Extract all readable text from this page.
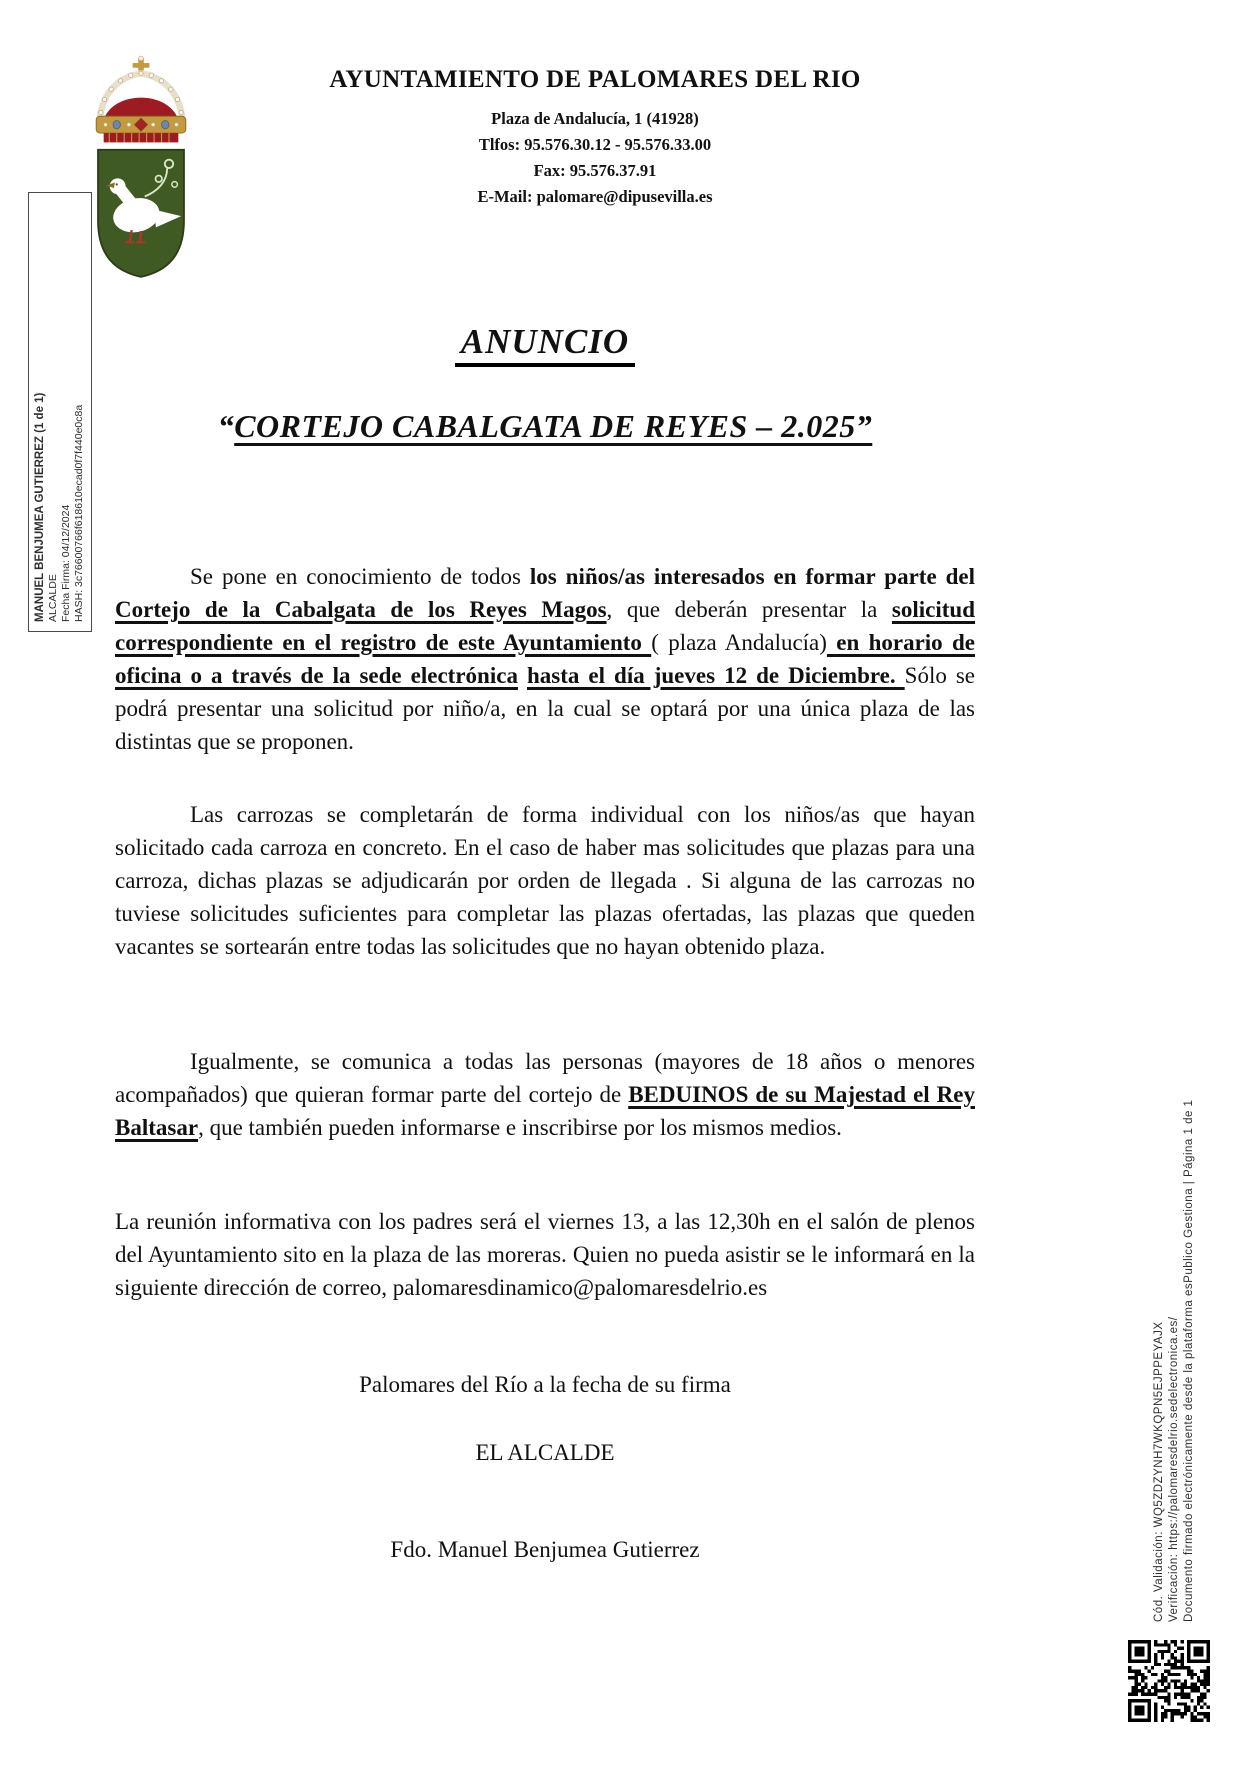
AYUNTAMIENTO DE PALOMARES DEL RIO
Plaza de Andalucía, 1 (41928)
Tlfos: 95.576.30.12 - 95.576.33.00
Fax: 95.576.37.91
E-Mail: palomare@dipusevilla.es
MANUEL BENJUMEA GUTIERREZ (1 de 1) ALCALDE Fecha Firma: 04/12/2024 HASH: 3c76600766f618610ecad0f7f440e0c8a
ANUNCIO
“CORTEJO CABALGATA DE REYES – 2.025”
Se pone en conocimiento de todos los niños/as interesados en formar parte del Cortejo de la Cabalgata de los Reyes Magos, que deberán presentar la solicitud correspondiente en el registro de este Ayuntamiento ( plaza Andalucía) en horario de oficina o a través de la sede electrónica hasta el día jueves 12 de Diciembre. Sólo se podrá presentar una solicitud por niño/a, en la cual se optará por una única plaza de las distintas que se proponen.
Las carrozas se completarán de forma individual con los niños/as que hayan solicitado cada carroza en concreto. En el caso de haber mas solicitudes que plazas para una carroza, dichas plazas se adjudicarán por orden de llegada . Si alguna de las carrozas no tuviese solicitudes suficientes para completar las plazas ofertadas, las plazas que queden vacantes se sortearán entre todas las solicitudes que no hayan obtenido plaza.
Igualmente, se comunica a todas las personas (mayores de 18 años o menores acompañados) que quieran formar parte del cortejo de BEDUINOS de su Majestad el Rey Baltasar, que también pueden informarse e inscribirse por los mismos medios.
La reunión informativa con los padres será el viernes 13, a las 12,30h en el salón de plenos del Ayuntamiento sito en la plaza de las moreras. Quien no pueda asistir se le informará en la siguiente dirección de correo, palomaresdinamico@palomaresdelrio.es
Palomares del Río a la fecha de su firma
EL ALCALDE
Fdo. Manuel Benjumea Gutierrez	Cód. Validación: WQ5ZDZYNH7WKQPN5EJPPEYAJX Verificación: https://palomaresdelrio.sedelectronica.es/ Documento firmado electrónicamente desde la plataforma esPublico Gestiona | Página 1 de 1
